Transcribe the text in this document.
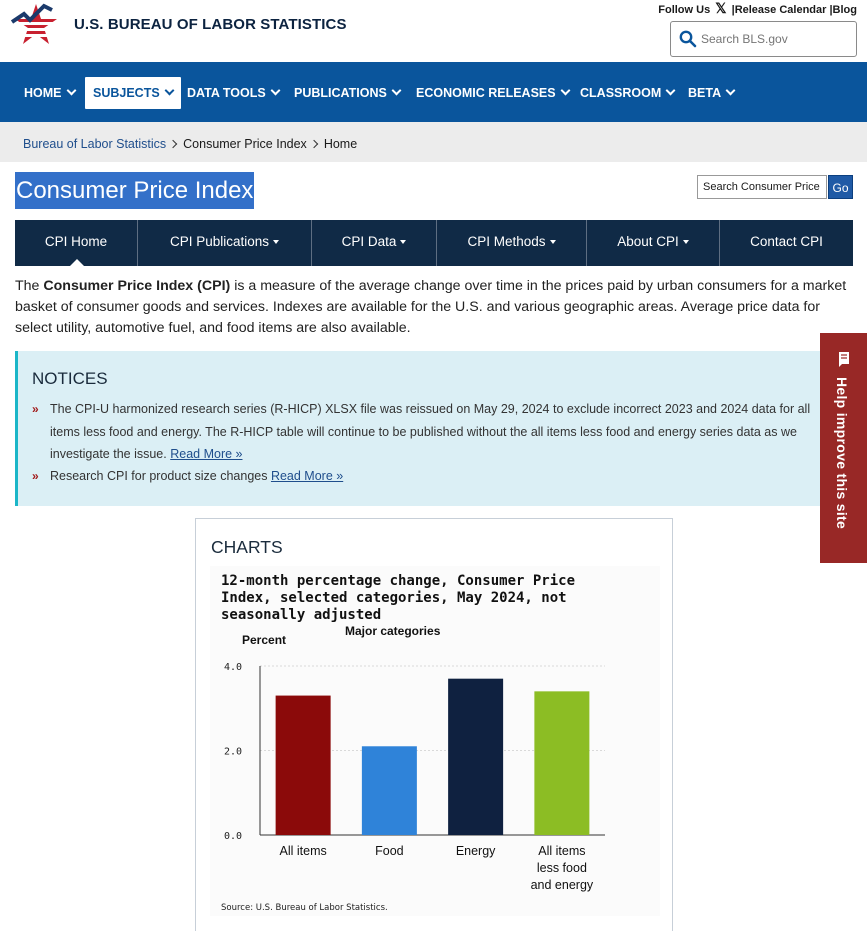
U.S. BUREAU OF LABOR STATISTICS
Follow Us 𝕏 |Release Calendar |Blog
Search BLS.gov
HOME	SUBJECTS	DATA TOOLS	PUBLICATIONS	ECONOMIC RELEASES	CLASSROOM	BETA
Bureau of Labor Statistics Consumer Price Index Home
Consumer Price Index	Search Consumer Price	Go
CPI Home	CPI Publications	CPI Data	CPI Methods	About CPI	Contact CPI
The Consumer Price Index (CPI) is a measure of the average change over time in the prices paid by urban consumers for a market basket of consumer goods and services. Indexes are available for the U.S. and various geographic areas. Average price data for select utility, automotive fuel, and food items are also available.
NOTICES
» The CPI-U harmonized research series (R-HICP) XLSX file was reissued on May 29, 2024 to exclude incorrect 2023 and 2024 data for all items less food and energy. The R-HICP table will continue to be published without the all items less food and energy series data as we investigate the issue. Read More »
» Research CPI for product size changes Read More »	Help improve this site
CHARTS
12-month percentage change, Consumer Price
Index, selected categories, May 2024, not
seasonally adjusted
Major categories
Percent
0.0
2.0
4.0
All items	Food	Energy	All items
less food
and energy
Source: U.S. Bureau of Labor Statistics.
